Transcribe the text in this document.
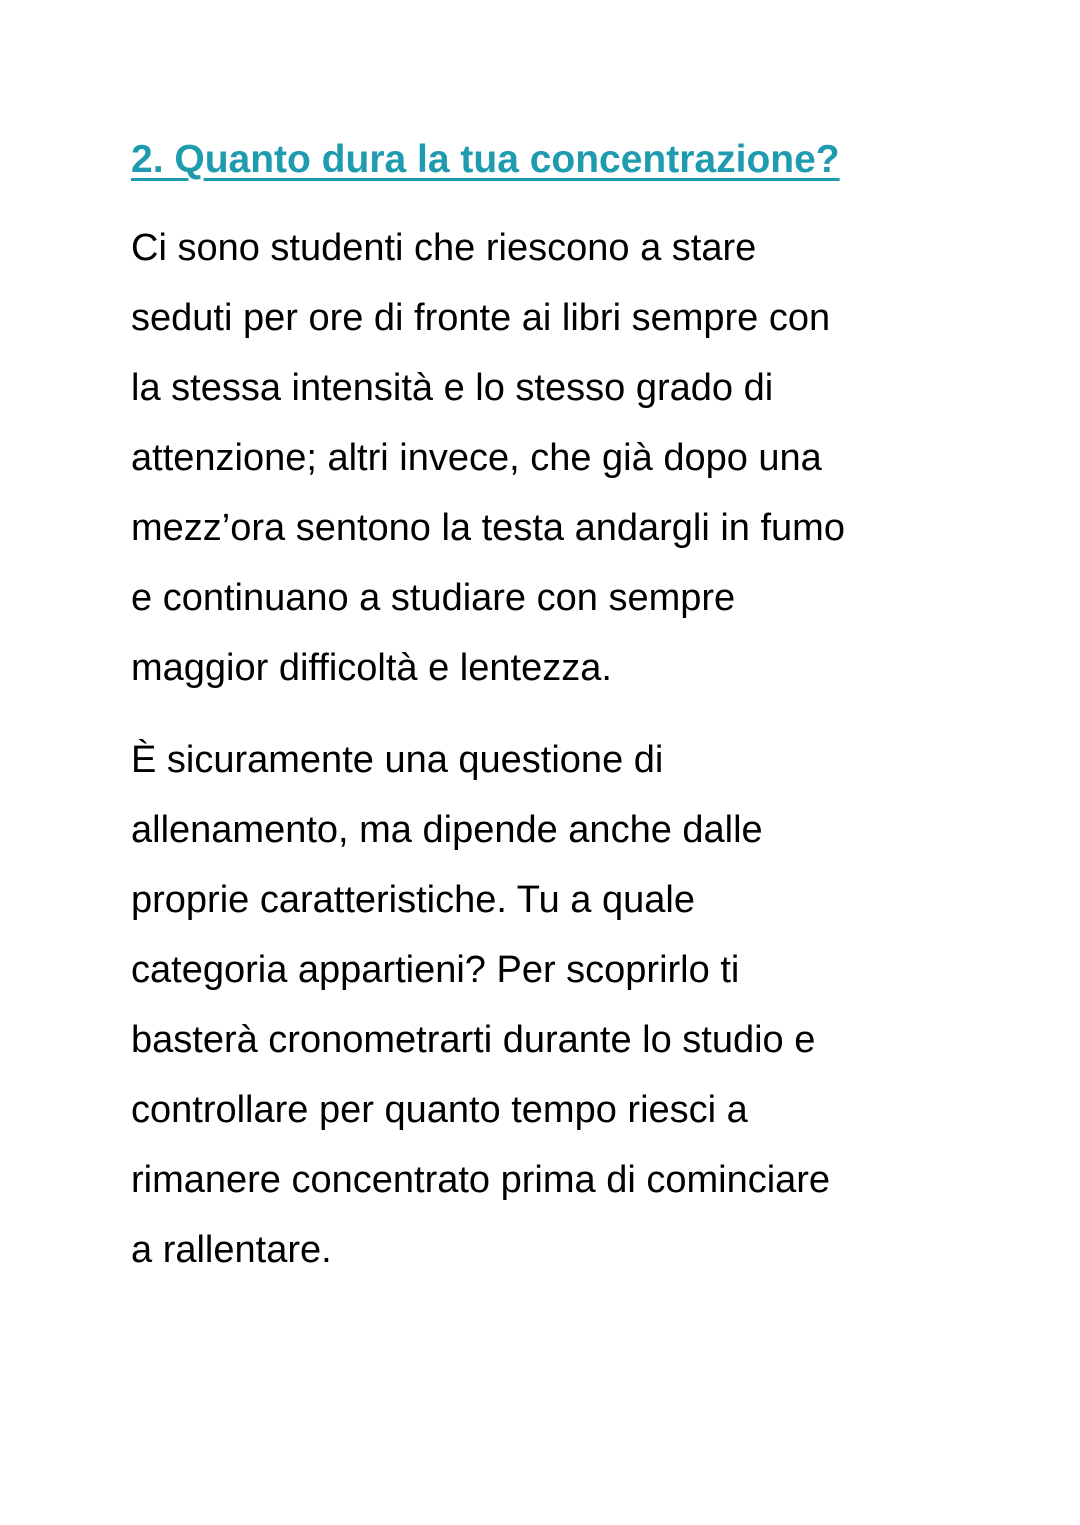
2. Quanto dura la tua concentrazione?

Ci sono studenti che riescono a stare
seduti per ore di fronte ai libri sempre con
la stessa intensità e lo stesso grado di
attenzione; altri invece, che già dopo una
mezz’ora sentono la testa andargli in fumo
e continuano a studiare con sempre
maggior difficoltà e lentezza.

È sicuramente una questione di
allenamento, ma dipende anche dalle
proprie caratteristiche. Tu a quale
categoria appartieni? Per scoprirlo ti
basterà cronometrarti durante lo studio e
controllare per quanto tempo riesci a
rimanere concentrato prima di cominciare
a rallentare.
